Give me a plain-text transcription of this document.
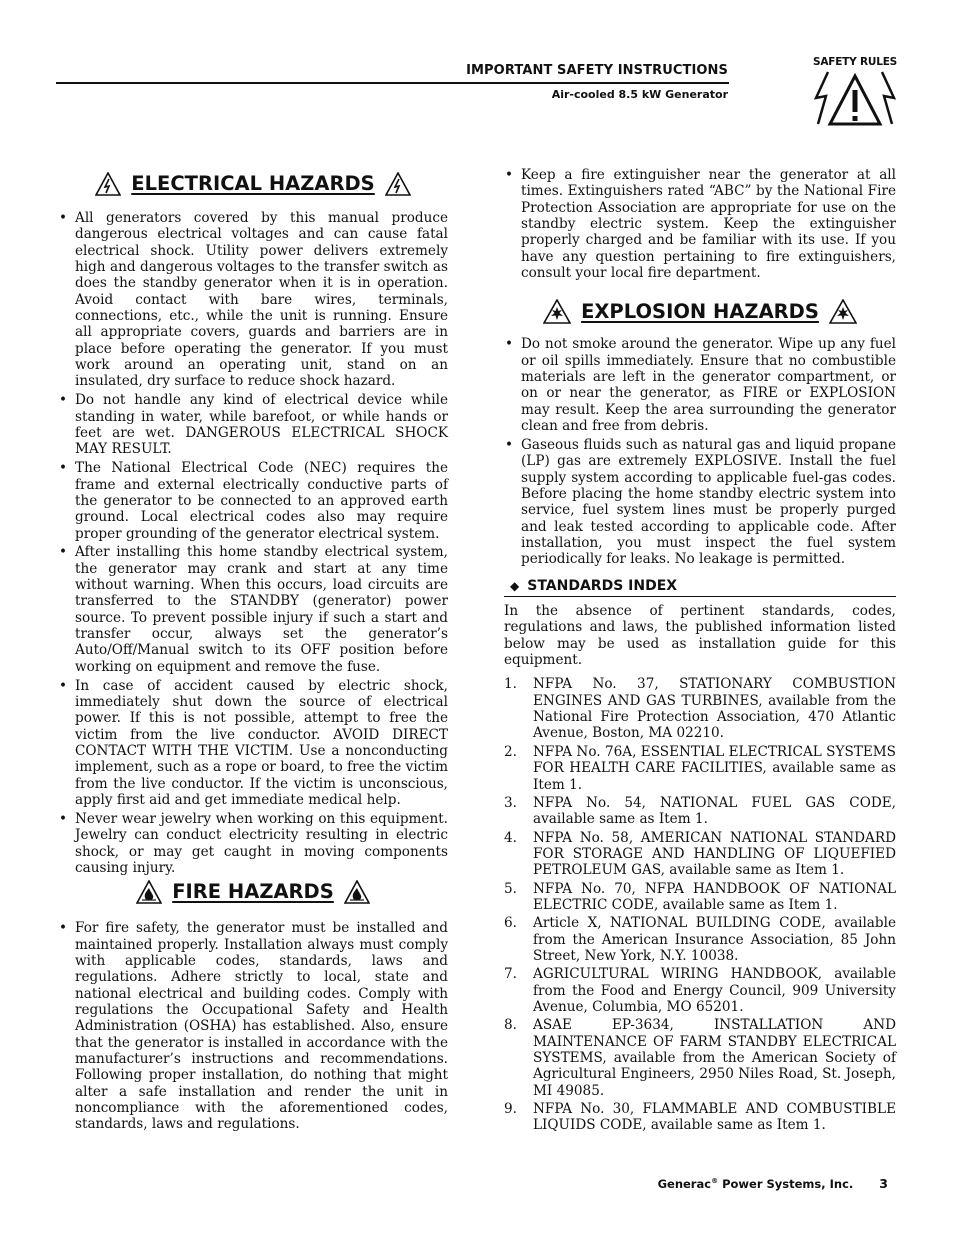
IMPORTANT SAFETY INSTRUCTIONS
Air-cooled 8.5 kW Generator
SAFETY RULES
ELECTRICAL HAZARDS
• All generators covered by this manual produce dangerous electrical voltages and can cause fatal electrical shock. Utility power delivers extremely high and dangerous voltages to the transfer switch as does the standby generator when it is in operation. Avoid contact with bare wires, terminals, connections, etc., while the unit is running. Ensure all appropriate covers, guards and barriers are in place before operating the generator. If you must work around an operating unit, stand on an insulated, dry surface to reduce shock hazard.
• Do not handle any kind of electrical device while standing in water, while barefoot, or while hands or feet are wet. DANGEROUS ELECTRICAL SHOCK MAY RESULT.
• The National Electrical Code (NEC) requires the frame and external electrically conductive parts of the generator to be connected to an approved earth ground. Local electrical codes also may require proper grounding of the generator electrical system.
• After installing this home standby electrical system, the generator may crank and start at any time without warning. When this occurs, load circuits are transferred to the STANDBY (generator) power source. To prevent possible injury if such a start and transfer occur, always set the generator’s Auto/Off/Manual switch to its OFF position before working on equipment and remove the fuse.
• In case of accident caused by electric shock, immediately shut down the source of electrical power. If this is not possible, attempt to free the victim from the live conductor. AVOID DIRECT CONTACT WITH THE VICTIM. Use a nonconducting implement, such as a rope or board, to free the victim from the live conductor. If the victim is unconscious, apply first aid and get immediate medical help.
• Never wear jewelry when working on this equipment. Jewelry can conduct electricity resulting in electric shock, or may get caught in moving components causing injury.
FIRE HAZARDS
• For fire safety, the generator must be installed and maintained properly. Installation always must comply with applicable codes, standards, laws and regulations. Adhere strictly to local, state and national electrical and building codes. Comply with regulations the Occupational Safety and Health Administration (OSHA) has established. Also, ensure that the generator is installed in accordance with the manufacturer’s instructions and recommendations. Following proper installation, do nothing that might alter a safe installation and render the unit in noncompliance with the aforementioned codes, standards, laws and regulations.
• Keep a fire extinguisher near the generator at all times. Extinguishers rated “ABC” by the National Fire Protection Association are appropriate for use on the standby electric system. Keep the extinguisher properly charged and be familiar with its use. If you have any question pertaining to fire extinguishers, consult your local fire department.
EXPLOSION HAZARDS
• Do not smoke around the generator. Wipe up any fuel or oil spills immediately. Ensure that no combustible materials are left in the generator compartment, or on or near the generator, as FIRE or EXPLOSION may result. Keep the area surrounding the generator clean and free from debris.
• Gaseous fluids such as natural gas and liquid propane (LP) gas are extremely EXPLOSIVE. Install the fuel supply system according to applicable fuel-gas codes. Before placing the home standby electric system into service, fuel system lines must be properly purged and leak tested according to applicable code. After installation, you must inspect the fuel system periodically for leaks. No leakage is permitted.
◆ STANDARDS INDEX
In the absence of pertinent standards, codes, regulations and laws, the published information listed below may be used as installation guide for this equipment.
1. NFPA No. 37, STATIONARY COMBUSTION ENGINES AND GAS TURBINES, available from the National Fire Protection Association, 470 Atlantic Avenue, Boston, MA 02210.
2. NFPA No. 76A, ESSENTIAL ELECTRICAL SYSTEMS FOR HEALTH CARE FACILITIES, available same as Item 1.
3. NFPA No. 54, NATIONAL FUEL GAS CODE, available same as Item 1.
4. NFPA No. 58, AMERICAN NATIONAL STANDARD FOR STORAGE AND HANDLING OF LIQUEFIED PETROLEUM GAS, available same as Item 1.
5. NFPA No. 70, NFPA HANDBOOK OF NATIONAL ELECTRIC CODE, available same as Item 1.
6. Article X, NATIONAL BUILDING CODE, available from the American Insurance Association, 85 John Street, New York, N.Y. 10038.
7. AGRICULTURAL WIRING HANDBOOK, available from the Food and Energy Council, 909 University Avenue, Columbia, MO 65201.
8. ASAE EP-3634, INSTALLATION AND MAINTENANCE OF FARM STANDBY ELECTRICAL SYSTEMS, available from the American Society of Agricultural Engineers, 2950 Niles Road, St. Joseph, MI 49085.
9. NFPA No. 30, FLAMMABLE AND COMBUSTIBLE LIQUIDS CODE, available same as Item 1.
Generac® Power Systems, Inc. 3
